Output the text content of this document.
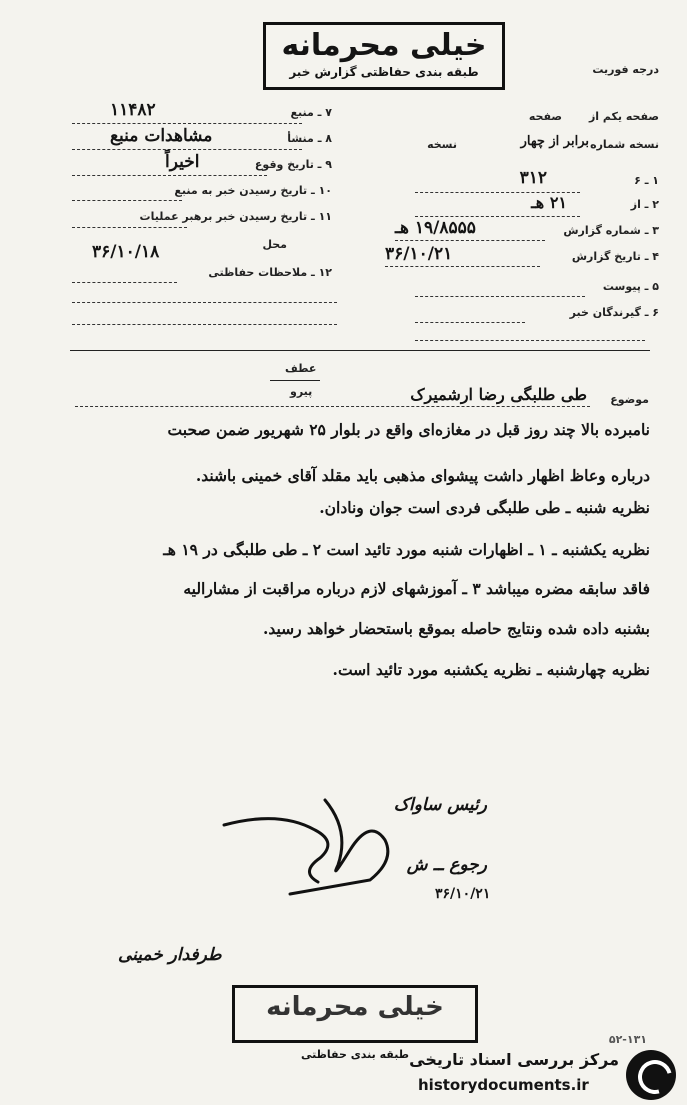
درجه فوریت
خیلی محرمانه
طبقه بندی حفاظتی گزارش خبر
۷ ـ منبع
۱۱۴۸۲
۸ ـ منشأ
مشاهدات منبع
۹ ـ تاریخ وقوع
اخیراً
۱۰ ـ تاریخ رسیدن خبر به منبع
۱۱ ـ تاریخ رسیدن خبر برهبر عملیات
محل
۳۶/۱۰/۱۸
۱۲ ـ ملاحظات حفاظتی
صفحه یکم از
صفحه
نسخه شماره
برابر از چهار
نسخه
۱ ـ ۶
۳۱۲
۲ ـ از
۲۱ هـ
۳ ـ شماره گزارش
۱۹/۸۵۵۵ هـ
۴ ـ تاریخ گزارش
۳۶/۱۰/۲۱
۵ ـ پیوست
۶ ـ گیرندگان خبر
عطف
پیرو
موضوع
طی طلبگی رضا ارشمیرک
نامبرده بالا چند روز قبل در مغازه‌ای واقع در بلوار ۲۵ شهریور ضمن صحبت
درباره وعاظ اظهار داشت پیشوای مذهبی باید مقلد آقای خمینی باشند.
نظریه شنبه ـ طی طلبگی فردی است جوان ونادان.
نظریه یکشنبه ـ ۱ ـ اظهارات شنبه مورد تائید است ۲ ـ طی طلبگی در ۱۹ هـ
فاقد سابقه مضره میباشد ۳ ـ آموزشهای لازم درباره مراقبت از مشارالیه
بشنبه داده شده ونتایج حاصله بموقع باستحضار خواهد رسید.
نظریه چهارشنبه ـ نظریه یکشنبه مورد تائید است.
رئیس ساواک
رجوع ــ ش
۳۶/۱۰/۲۱
طرفدار خمینی
خیلی محرمانه
طبقه بندی حفاظتی
۵۲-۱۳۱
مرکز بررسی اسناد تاریخی
historydocuments.ir
